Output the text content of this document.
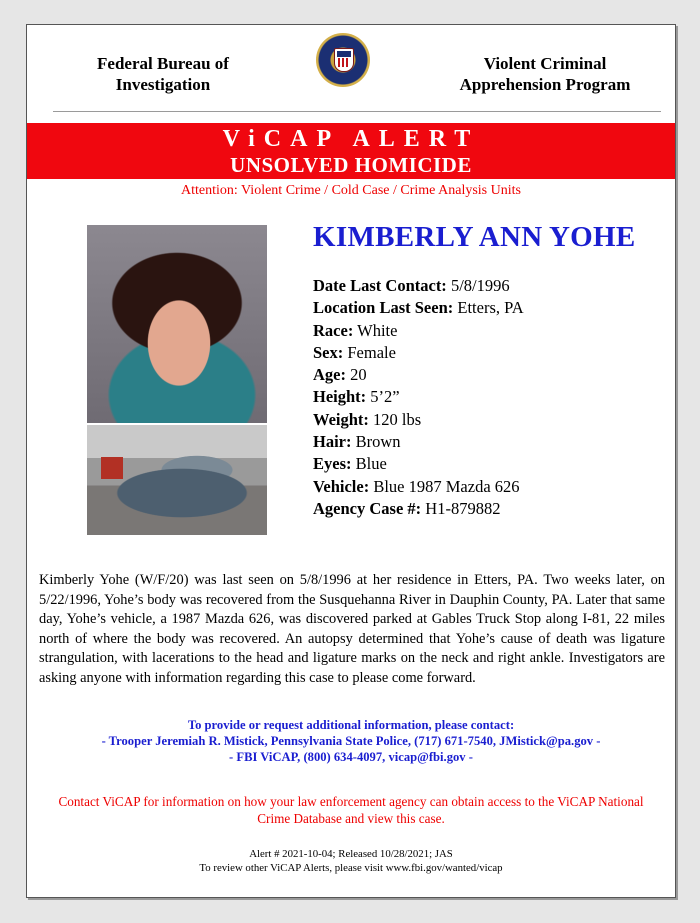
Federal Bureau of
Investigation
Violent Criminal
Apprehension Program
ViCAP ALERT
UNSOLVED HOMICIDE
Attention: Violent Crime / Cold Case / Crime Analysis Units
KIMBERLY ANN YOHE
Date Last Contact: 5/8/1996
Location Last Seen: Etters, PA
Race: White
Sex: Female
Age: 20
Height: 5’2”
Weight: 120 lbs
Hair: Brown
Eyes: Blue
Vehicle: Blue 1987 Mazda 626
Agency Case #: H1-879882
Kimberly Yohe (W/F/20) was last seen on 5/8/1996 at her residence in Etters, PA. Two weeks later, on 5/22/1996, Yohe’s body was recovered from the Susquehanna River in Dauphin County, PA. Later that same day, Yohe’s vehicle, a 1987 Mazda 626, was discovered parked at Gables Truck Stop along I-81, 22 miles north of where the body was recovered. An autopsy determined that Yohe’s cause of death was ligature strangulation, with lacerations to the head and ligature marks on the neck and right ankle. Investigators are asking anyone with information regarding this case to please come forward.
To provide or request additional information, please contact:
- Trooper Jeremiah R. Mistick, Pennsylvania State Police, (717) 671-7540, JMistick@pa.gov -
- FBI ViCAP, (800) 634-4097, vicap@fbi.gov -
Contact ViCAP for information on how your law enforcement agency can obtain access to the ViCAP National Crime Database and view this case.
Alert # 2021-10-04; Released 10/28/2021; JAS
To review other ViCAP Alerts, please visit www.fbi.gov/wanted/vicap
